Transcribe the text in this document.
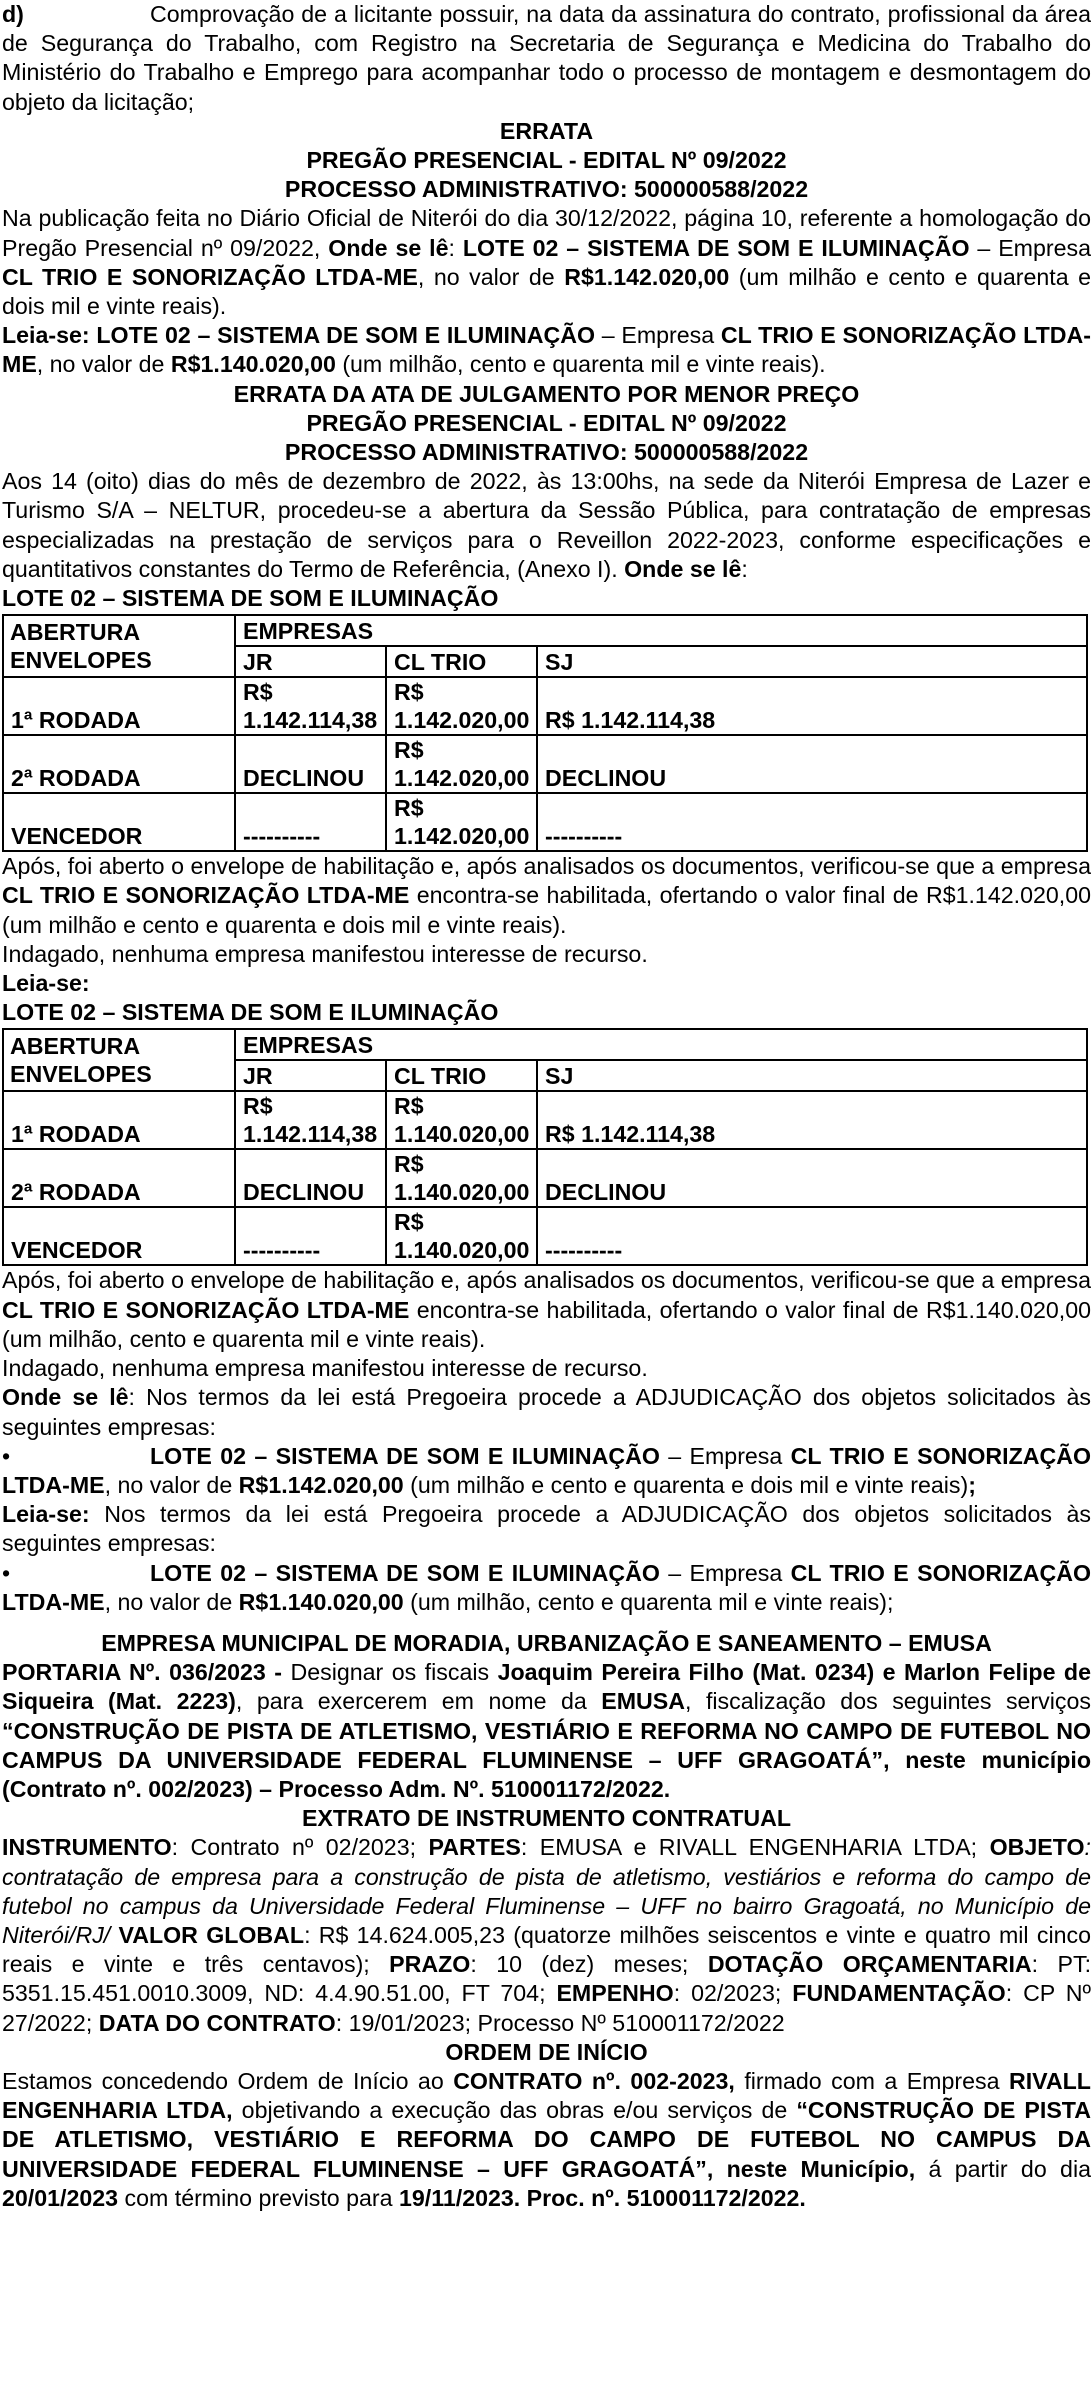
d)	Comprovação de a licitante possuir, na data da assinatura do contrato, profissional da área de Segurança do Trabalho, com Registro na Secretaria de Segurança e Medicina do Trabalho do Ministério do Trabalho e Emprego para acompanhar todo o processo de montagem e desmontagem do objeto da licitação;

ERRATA

PREGÃO PRESENCIAL - EDITAL Nº 09/2022

PROCESSO ADMINISTRATIVO: 500000588/2022

Na publicação feita no Diário Oficial de Niterói do dia 30/12/2022, página 10, referente a homologação do Pregão Presencial nº 09/2022, Onde se lê: LOTE 02 – SISTEMA DE SOM E ILUMINAÇÃO – Empresa CL TRIO E SONORIZAÇÃO LTDA-ME, no valor de R$1.142.020,00 (um milhão e cento e quarenta e dois mil e vinte reais).

Leia-se: LOTE 02 – SISTEMA DE SOM E ILUMINAÇÃO – Empresa CL TRIO E SONORIZAÇÃO LTDA-ME, no valor de R$1.140.020,00 (um milhão, cento e quarenta mil e vinte reais).

ERRATA DA ATA DE JULGAMENTO POR MENOR PREÇO

PREGÃO PRESENCIAL - EDITAL Nº 09/2022

PROCESSO ADMINISTRATIVO: 500000588/2022

Aos 14 (oito) dias do mês de dezembro de 2022, às 13:00hs, na sede da Niterói Empresa de Lazer e Turismo S/A – NELTUR, procedeu-se a abertura da Sessão Pública, para contratação de empresas especializadas na prestação de serviços para o Reveillon 2022-2023, conforme especificações e quantitativos constantes do Termo de Referência, (Anexo I). Onde se lê:

LOTE 02 – SISTEMA DE SOM E ILUMINAÇÃO

ABERTURA ENVELOPES	EMPRESAS		
	JR	CL TRIO	SJ
1ª RODADA	R$ 1.142.114,38	R$ 1.142.020,00	R$ 1.142.114,38
2ª RODADA	DECLINOU	R$ 1.142.020,00	DECLINOU
VENCEDOR	----------	R$ 1.142.020,00	----------

Após, foi aberto o envelope de habilitação e, após analisados os documentos, verificou-se que a empresa CL TRIO E SONORIZAÇÃO LTDA-ME encontra-se habilitada, ofertando o valor final de R$1.142.020,00 (um milhão e cento e quarenta e dois mil e vinte reais).

Indagado, nenhuma empresa manifestou interesse de recurso.

Leia-se:

LOTE 02 – SISTEMA DE SOM E ILUMINAÇÃO

ABERTURA ENVELOPES	EMPRESAS		
	JR	CL TRIO	SJ
1ª RODADA	R$ 1.142.114,38	R$ 1.140.020,00	R$ 1.142.114,38
2ª RODADA	DECLINOU	R$ 1.140.020,00	DECLINOU
VENCEDOR	----------	R$ 1.140.020,00	----------

Após, foi aberto o envelope de habilitação e, após analisados os documentos, verificou-se que a empresa CL TRIO E SONORIZAÇÃO LTDA-ME encontra-se habilitada, ofertando o valor final de R$1.140.020,00 (um milhão, cento e quarenta mil e vinte reais).

Indagado, nenhuma empresa manifestou interesse de recurso.

Onde se lê: Nos termos da lei está Pregoeira procede a ADJUDICAÇÃO dos objetos solicitados às seguintes empresas:

•	LOTE 02 – SISTEMA DE SOM E ILUMINAÇÃO – Empresa CL TRIO E SONORIZAÇÃO LTDA-ME, no valor de R$1.142.020,00 (um milhão e cento e quarenta e dois mil e vinte reais);

Leia-se: Nos termos da lei está Pregoeira procede a ADJUDICAÇÃO dos objetos solicitados às seguintes empresas:

•	LOTE 02 – SISTEMA DE SOM E ILUMINAÇÃO – Empresa CL TRIO E SONORIZAÇÃO LTDA-ME, no valor de R$1.140.020,00 (um milhão, cento e quarenta mil e vinte reais);

EMPRESA MUNICIPAL DE MORADIA, URBANIZAÇÃO E SANEAMENTO – EMUSA

PORTARIA Nº. 036/2023 - Designar os fiscais Joaquim Pereira Filho (Mat. 0234) e Marlon Felipe de Siqueira (Mat. 2223), para exercerem em nome da EMUSA, fiscalização dos seguintes serviços “CONSTRUÇÃO DE PISTA DE ATLETISMO, VESTIÁRIO E REFORMA NO CAMPO DE FUTEBOL NO CAMPUS DA UNIVERSIDADE FEDERAL FLUMINENSE – UFF GRAGOATÁ”, neste município (Contrato nº. 002/2023) – Processo Adm. Nº. 510001172/2022.

EXTRATO DE INSTRUMENTO CONTRATUAL

INSTRUMENTO: Contrato nº 02/2023; PARTES: EMUSA e RIVALL ENGENHARIA LTDA; OBJETO: contratação de empresa para a construção de pista de atletismo, vestiários e reforma do campo de futebol no campus da Universidade Federal Fluminense – UFF no bairro Gragoatá, no Município de Niterói/RJ/ VALOR GLOBAL: R$ 14.624.005,23 (quatorze milhões seiscentos e vinte e quatro mil cinco reais e vinte e três centavos); PRAZO: 10 (dez) meses; DOTAÇÃO ORÇAMENTARIA: PT: 5351.15.451.0010.3009, ND: 4.4.90.51.00, FT 704; EMPENHO: 02/2023; FUNDAMENTAÇÃO: CP Nº 27/2022; DATA DO CONTRATO: 19/01/2023; Processo Nº 510001172/2022

ORDEM DE INÍCIO

Estamos concedendo Ordem de Início ao CONTRATO nº. 002-2023, firmado com a Empresa RIVALL ENGENHARIA LTDA, objetivando a execução das obras e/ou serviços de “CONSTRUÇÃO DE PISTA DE ATLETISMO, VESTIÁRIO E REFORMA DO CAMPO DE FUTEBOL NO CAMPUS DA UNIVERSIDADE FEDERAL FLUMINENSE – UFF GRAGOATÁ”, neste Município, á partir do dia 20/01/2023 com término previsto para 19/11/2023. Proc. nº. 510001172/2022.
